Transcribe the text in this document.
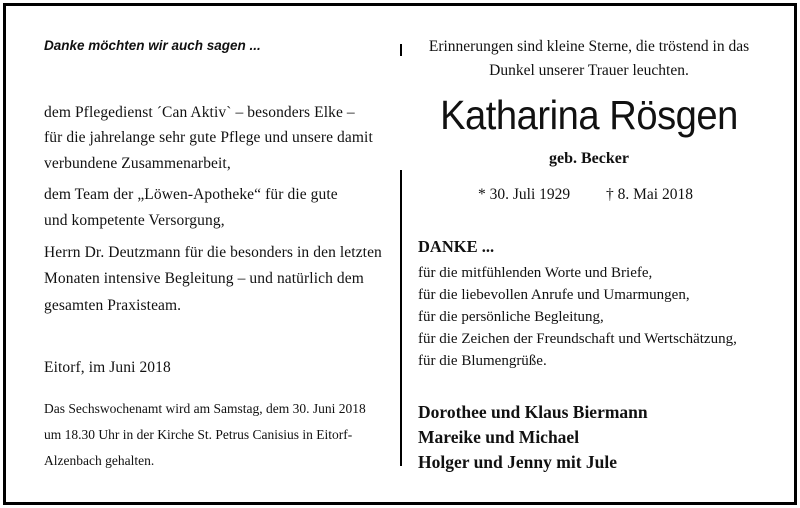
Danke möchten wir auch sagen ...
dem Pflegedienst ´Can Aktiv` – besonders Elke –
für die jahrelange sehr gute Pflege und unsere damit
verbundene Zusammenarbeit,
dem Team der „Löwen-Apotheke“ für die gute
und kompetente Versorgung,
Herrn Dr. Deutzmann für die besonders in den letzten
Monaten intensive Begleitung – und natürlich dem
gesamten Praxisteam.
Eitorf, im Juni 2018
Das Sechswochenamt wird am Samstag, dem 30. Juni 2018
um 18.30 Uhr in der Kirche St. Petrus Canisius in Eitorf-
Alzenbach gehalten.
Erinnerungen sind kleine Sterne, die tröstend in das
Dunkel unserer Trauer leuchten.
Katharina Rösgen
geb. Becker
* 30. Juli 1929 † 8. Mai 2018
DANKE ...
für die mitfühlenden Worte und Briefe,
für die liebevollen Anrufe und Umarmungen,
für die persönliche Begleitung,
für die Zeichen der Freundschaft und Wertschätzung,
für die Blumengrüße.
Dorothee und Klaus Biermann
Mareike und Michael
Holger und Jenny mit Jule
